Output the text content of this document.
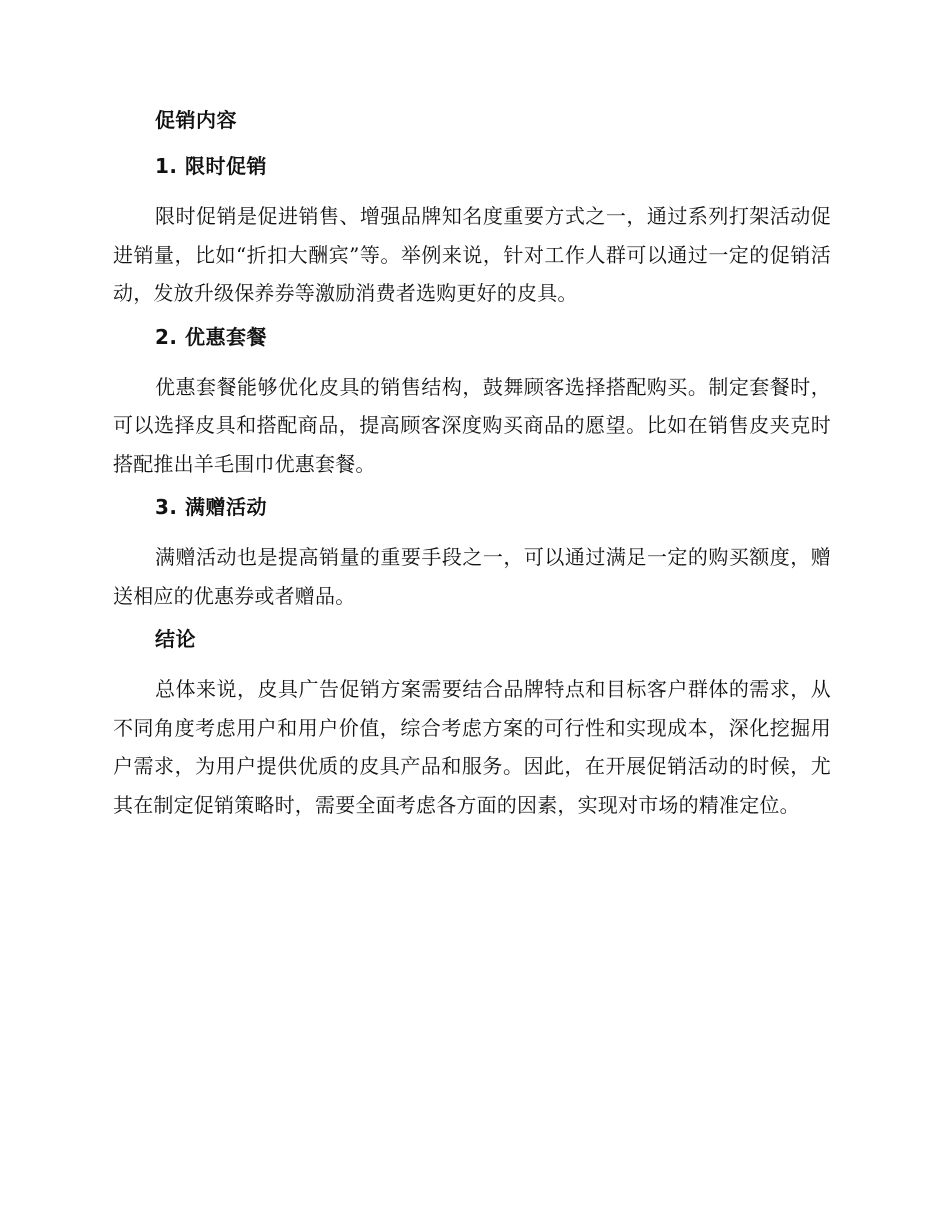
促销内容
1. 限时促销

限时促销是促进销售、增强品牌知名度重要方式之一，通过系列打架活动促进销量，比如“折扣大酬宾”等。举例来说，针对工作人群可以通过一定的促销活动，发放升级保养券等激励消费者选购更好的皮具。

2. 优惠套餐

优惠套餐能够优化皮具的销售结构，鼓舞顾客选择搭配购买。制定套餐时，可以选择皮具和搭配商品，提高顾客深度购买商品的愿望。比如在销售皮夹克时搭配推出羊毛围巾优惠套餐。

3. 满赠活动

满赠活动也是提高销量的重要手段之一，可以通过满足一定的购买额度，赠送相应的优惠券或者赠品。

结论

总体来说，皮具广告促销方案需要结合品牌特点和目标客户群体的需求，从不同角度考虑用户和用户价值，综合考虑方案的可行性和实现成本，深化挖掘用户需求，为用户提供优质的皮具产品和服务。因此，在开展促销活动的时候，尤其在制定促销策略时，需要全面考虑各方面的因素，实现对市场的精准定位。
